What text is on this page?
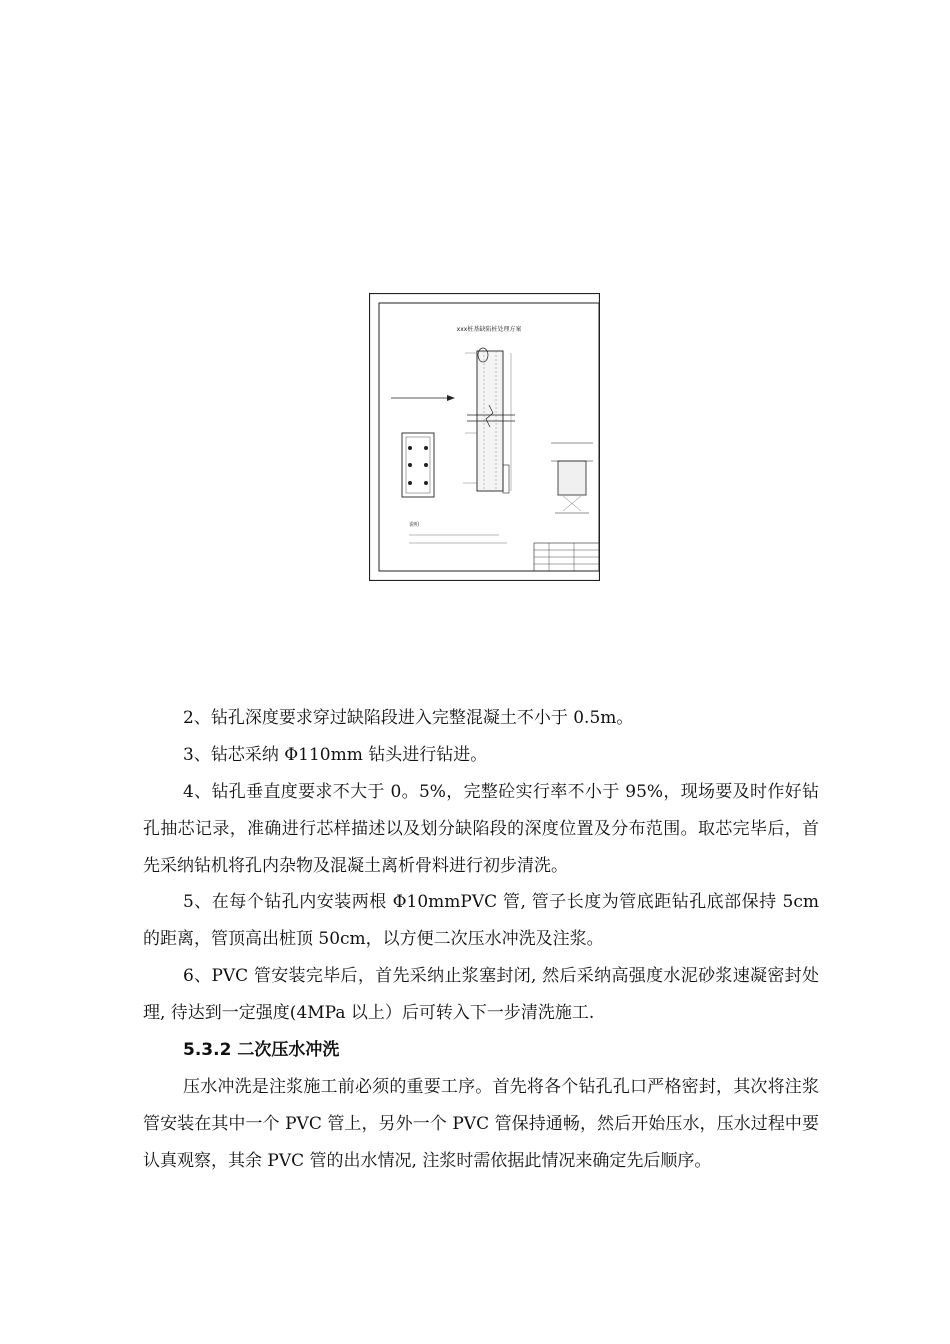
xxx桩基缺陷桩处理方案
说明

2、钻孔深度要求穿过缺陷段进入完整混凝土不小于 0.5m。

3、钻芯采纳 Φ110mm 钻头进行钻进。

4、钻孔垂直度要求不大于 0。5%，完整砼实行率不小于 95%，现场要及时作好钻孔抽芯记录，准确进行芯样描述以及划分缺陷段的深度位置及分布范围。取芯完毕后，首先采纳钻机将孔内杂物及混凝土离析骨料进行初步清洗。

5、在每个钻孔内安装两根 Φ10mmPVC 管, 管子长度为管底距钻孔底部保持 5cm 的距离，管顶高出桩顶 50cm，以方便二次压水冲洗及注浆。

6、PVC 管安装完毕后，首先采纳止浆塞封闭, 然后采纳高强度水泥砂浆速凝密封处理, 待达到一定强度(4MPa 以上）后可转入下一步清洗施工.

5.3.2 二次压水冲洗

压水冲洗是注浆施工前必须的重要工序。首先将各个钻孔孔口严格密封，其次将注浆管安装在其中一个 PVC 管上，另外一个 PVC 管保持通畅，然后开始压水，压水过程中要认真观察，其余 PVC 管的出水情况, 注浆时需依据此情况来确定先后顺序。
